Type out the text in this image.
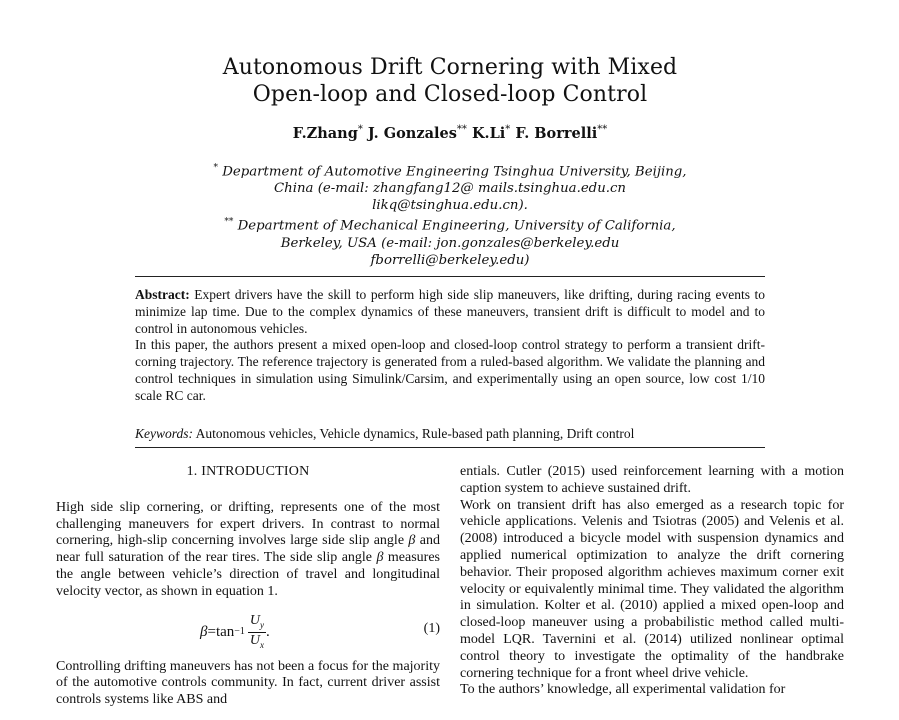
Autonomous Drift Cornering with Mixed
Open-loop and Closed-loop Control
F.Zhang* J. Gonzales** K.Li* F. Borrelli**
* Department of Automotive Engineering Tsinghua University, Beijing,
China (e-mail: zhangfang12@ mails.tsinghua.edu.cn
likq@tsinghua.edu.cn).
** Department of Mechanical Engineering, University of California,
Berkeley, USA (e-mail: jon.gonzales@berkeley.edu
fborrelli@berkeley.edu)

Abstract: Expert drivers have the skill to perform high side slip maneuvers, like drifting, during racing events to minimize lap time. Due to the complex dynamics of these maneuvers, transient drift is difficult to model and to control in autonomous vehicles.

In this paper, the authors present a mixed open-loop and closed-loop control strategy to perform a transient drift-corning trajectory. The reference trajectory is generated from a ruled-based algorithm. We validate the planning and control techniques in simulation using Simulink/Carsim, and experimentally using an open source, low cost 1/10 scale RC car.

Keywords: Autonomous vehicles, Vehicle dynamics, Rule-based path planning, Drift control
1. INTRODUCTION

High side slip cornering, or drifting, represents one of the most challenging maneuvers for expert drivers. In contrast to normal cornering, high-slip concerning involves large side slip angle β and near full saturation of the rear tires. The side slip angle β measures the angle between vehicle’s direction of travel and longitudinal velocity vector, as shown in equation 1.

$\beta = \tan -1 \frac{U_y}{U_x}$ .	(1)

Controlling drifting maneuvers has not been a focus for the majority of the automotive controls community. In fact, current driver assist controls systems like ABS and

entials. Cutler (2015) used reinforcement learning with a motion caption system to achieve sustained drift.

Work on transient drift has also emerged as a research topic for vehicle applications. Velenis and Tsiotras (2005) and Velenis et al. (2008) introduced a bicycle model with suspension dynamics and applied numerical optimization to analyze the drift cornering behavior. Their proposed algorithm achieves maximum corner exit velocity or equivalently minimal time. They validated the algorithm in simulation. Kolter et al. (2010) applied a mixed open-loop and closed-loop maneuver using a probabilistic method called multi-model LQR. Tavernini et al. (2014) utilized nonlinear optimal control theory to investigate the optimality of the handbrake cornering technique for a front wheel drive vehicle.

To the authors’ knowledge, all experimental validation for
